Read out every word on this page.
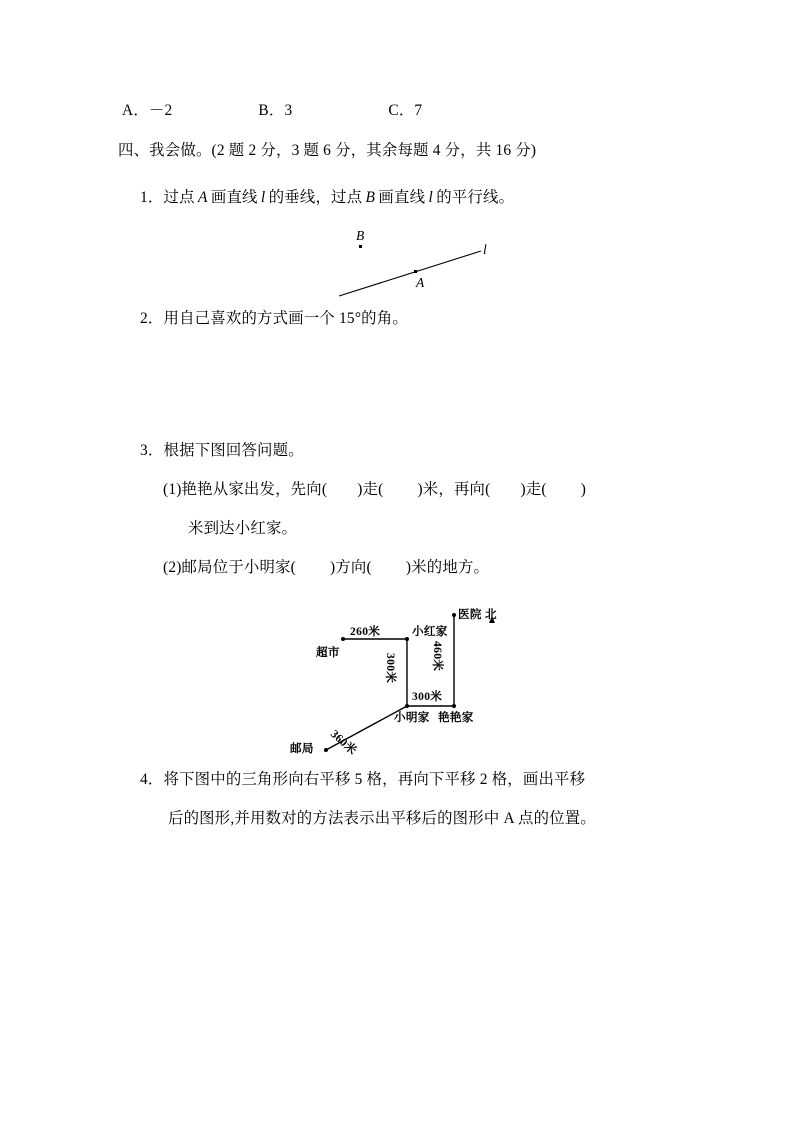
A．－2	B．3	C．7
四、我会做。(2 题 2 分，3 题 6 分，其余每题 4 分，共 16 分)
1．过点  A  画直线  l  的垂线，过点  B  画直线  l  的平行线。
B
A
l
2．用自己喜欢的方式画一个 15°的角。
3．根据下图回答问题。
(1)艳艳从家出发，先向( )走( )米，再向( )走( )
米到达小红家。
(2)邮局位于小明家( )方向( )米的地方。
260米	小红家
超市
300米
300米
460米
医院 北
小明家 艳艳家
360米
邮局
4．将下图中的三角形向右平移 5 格，再向下平移 2 格，画出平移
后的图形,并用数对的方法表示出平移后的图形中 A 点的位置。
